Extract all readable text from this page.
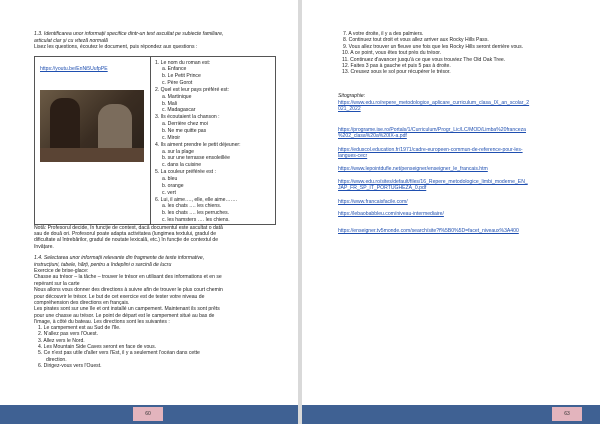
1.3. Identificarea unor informații specifice dintr-un text ascultat pe subiecte familiare,
articulat clar și cu viteză normală
Lisez les questions, écoutez le document, puis répondez aux questions :
https://youtu.be/EnNi5UufpPE
1. Le nom du roman est:
a. Enfance
b. Le Petit Prince
c. Père Gorot
2. Quel est leur pays préféré est:
a. Martinique
b. Mali
c. Madagascar
3. Ils écoutaient la chanson :
a. Derrière chez moi
b. Ne me quitte pas
c. Miroir
4. Ils aiment prendre le petit déjeuner:
a. sur la plage
b. sur une terrasse ensoleillée
c. dans la cuisine
5. La couleur préférée est :
a. bleu
b. orange
c. vert
6. Lui, il aime…., elle, elle aime…….
a. les chats …. les chiens.
b. les chats …. les perruches.
c. les hamsters …. les chiens.
Notă: Profesorul decide, în funcție de context, dacă documentul este ascultat o dată
sau de două ori. Profesorul poate adapta activitatea (lungimea textului, gradul de
dificultate al întrebărilor, gradul de noutate lexicală, etc.) în funcție de contextul de
învățare.
1.4. Selectarea unor informații relevante din fragmente de texte informative,
instrucțiuni, tabele, hărți, pentru a îndeplini o sarcină de lucru
Exercice de brise-glace:
Chasse au trésor – la tâche – trouver le trésor en utilisant des informations et en se
repérant sur la carte
Nous allons vous donner des directions à suivre afin de trouver le plus court chemin
pour découvrir le trésor. Le but de cet exercice est de tester votre niveau de
compréhension des directions en français.
Les pirates sont sur une île et ont installé un campement. Maintenant ils sont prêts
pour une chasse au trésor. Le point de départ est le campement situé au bas de
l'image, à côté du bateau. Les directions sont les suivantes :
1. Le campement est au Sud de l'île.
2. N'allez pas vers l'Ouest.
3. Allez vers le Nord.
4. Les Mountain Side Caves seront en face de vous.
5. Ce n'est pas utile d'aller vers l'Est, il y a seulement l'océan dans cette
direction.
6. Dirigez-vous vers l'Ouest.
60
7. A votre droite, il y a des palmiers.
8. Continuez tout droit et vous allez arriver aux Rocky Hills Pass.
9. Vous allez trouver un fleuve une fois que les Rocky Hills seront derrière vous.
10. A ce point, vous êtes tout près du trésor.
11. Continuez d'avancer jusqu'à ce que vous trouviez The Old Oak Tree.
12. Faites 3 pas à gauche et puis 5 pas à droite.
13. Creusez sous le sol pour récupérer le trésor.
Sitographie:
https://www.edu.ro/repere_metodologice_aplicare_curriculum_clasa_IX_an_scolar_2
021_2022
https://programe.ise.ro/Portals/1/Curriculum/Progr_Lic/LC/MOD/Limba%20franceza
%202_clasa%20a%20IX-a.pdf
https://eduscol.education.fr/1971/cadre-europeen-commun-de-reference-pour-les-
langues-cecr
https://www.lepointdufle.net/penseigner/enseigner_le_francais.htm
https://www.edu.ro/sites/default/files/16_Repere_metodologice_limbi_moderne_EN_
JAP_FR_SP_IT_PORTUGHEZA_0.pdf
https://www.francaisfacile.com/
https://lebaobabbleu.com/niveau-intermediaire/
https://enseigner.tv5monde.com/search/site?f%5B0%5D=facet_niveaux%3A400
63
